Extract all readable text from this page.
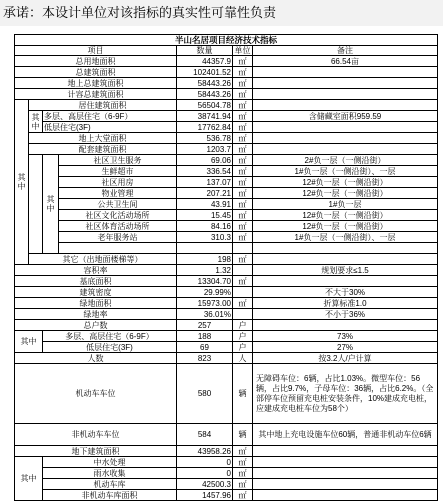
承诺：本设计单位对该指标的真实性可靠性负责
半山名居项目经济技术指标						
项目				数量	单位	备注
总用地面积				44357.9	㎡	66.54亩
总建筑面积				102401.52	㎡	
地上总建筑面积				58443.26	㎡	
计容总建筑面积				58443.26	㎡	
其中	居住建筑面积			56504.78	㎡	
	其中	多层、高层住宅（6-9F）		38741.94	㎡	含储藏室面积959.59
		低层住宅(3F)		17762.84	㎡	
	地上大堂面积			536.78	㎡	
	配套建筑面积			1203.7	㎡	
		其中	社区卫生服务	69.06	㎡	2#负一层（一侧沿街）
			生鲜超市	336.54	㎡	1#负一层（一侧沿街）、一层
			社区用房	137.07	㎡	12#负一层（一侧沿街）
			物业管理	207.21	㎡	12#负一层（一侧沿街）
			公共卫生间	43.91	㎡	1#负一层
			社区文化活动场所	15.45	㎡	12#负一层（一侧沿街）
			社区体育活动场所	84.16	㎡	12#负一层（一侧沿街）
			老年服务站	310.3	㎡	1#负一层（一侧沿街）、一层

	其它（出地面楼梯等）			198	㎡	
容积率				1.32		规划要求≤1.5
基底面积				13304.70	㎡	
建筑密度				29.99%		不大于30%
绿地面积				15973.00	㎡	折算标准1.0
绿地率				36.01%		不小于36%
总户数				257	户	
其中		多层、高层住宅（6-9F）		188	户	73%
		低层住宅(3F)		69	户	27%
人数				823	人	按3.2人/户计算
机动车车位				580	辆	无障碍车位：6辆，占比1.03%。微型车位：56辆，占比9.7%，子母车位：36辆，占比6.2%。（全部停车位预留充电桩安装条件，10%建成充电桩，应建成充电桩车位为58个）
非机动车车位				584	辆	其中地上充电设施车位60辆，普通非机动车位6辆
地下建筑面积				43958.26	㎡	
其中		中水处理		0	㎡	
		雨水收集		0	㎡	
		机动车库		42500.3	㎡	
		非机动车库面积		1457.96	㎡	
